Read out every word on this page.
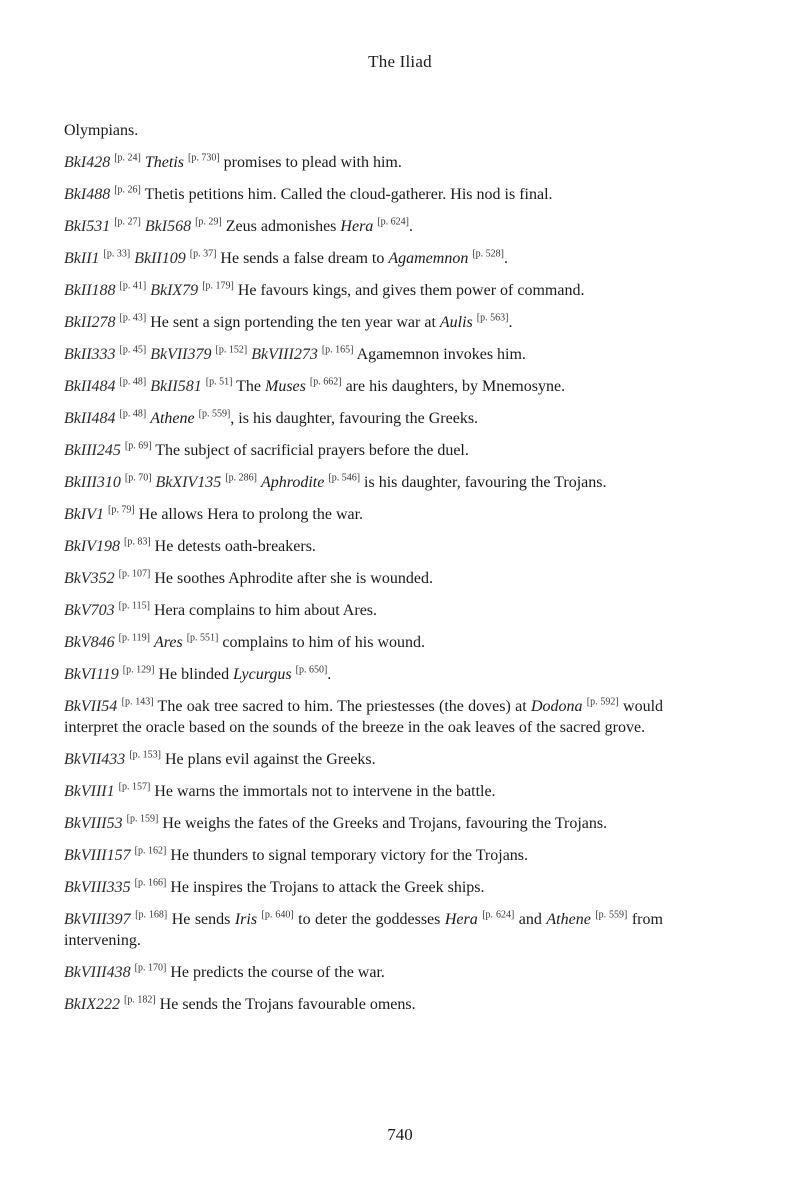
The Iliad

Olympians.

BkI428 [p. 24] Thetis [p. 730] promises to plead with him.

BkI488 [p. 26] Thetis petitions him. Called the cloud-gatherer. His nod is final.

BkI531 [p. 27] BkI568 [p. 29] Zeus admonishes Hera [p. 624].

BkII1 [p. 33] BkII109 [p. 37] He sends a false dream to Agamemnon [p. 528].

BkII188 [p. 41] BkIX79 [p. 179] He favours kings, and gives them power of command.

BkII278 [p. 43] He sent a sign portending the ten year war at Aulis [p. 563].

BkII333 [p. 45] BkVII379 [p. 152] BkVIII273 [p. 165] Agamemnon invokes him.

BkII484 [p. 48] BkII581 [p. 51] The Muses [p. 662] are his daughters, by Mnemosyne.

BkII484 [p. 48] Athene [p. 559], is his daughter, favouring the Greeks.

BkIII245 [p. 69] The subject of sacrificial prayers before the duel.

BkIII310 [p. 70] BkXIV135 [p. 286] Aphrodite [p. 546] is his daughter, favouring the Trojans.

BkIV1 [p. 79] He allows Hera to prolong the war.

BkIV198 [p. 83] He detests oath-breakers.

BkV352 [p. 107] He soothes Aphrodite after she is wounded.

BkV703 [p. 115] Hera complains to him about Ares.

BkV846 [p. 119] Ares [p. 551] complains to him of his wound.

BkVI119 [p. 129] He blinded Lycurgus [p. 650].

BkVII54 [p. 143] The oak tree sacred to him. The priestesses (the doves) at Dodona [p. 592] would interpret the oracle based on the sounds of the breeze in the oak leaves of the sacred grove.

BkVII433 [p. 153] He plans evil against the Greeks.

BkVIII1 [p. 157] He warns the immortals not to intervene in the battle.

BkVIII53 [p. 159] He weighs the fates of the Greeks and Trojans, favouring the Trojans.

BkVIII157 [p. 162] He thunders to signal temporary victory for the Trojans.

BkVIII335 [p. 166] He inspires the Trojans to attack the Greek ships.

BkVIII397 [p. 168] He sends Iris [p. 640] to deter the goddesses Hera [p. 624] and Athene [p. 559] from intervening.

BkVIII438 [p. 170] He predicts the course of the war.

BkIX222 [p. 182] He sends the Trojans favourable omens.

740
